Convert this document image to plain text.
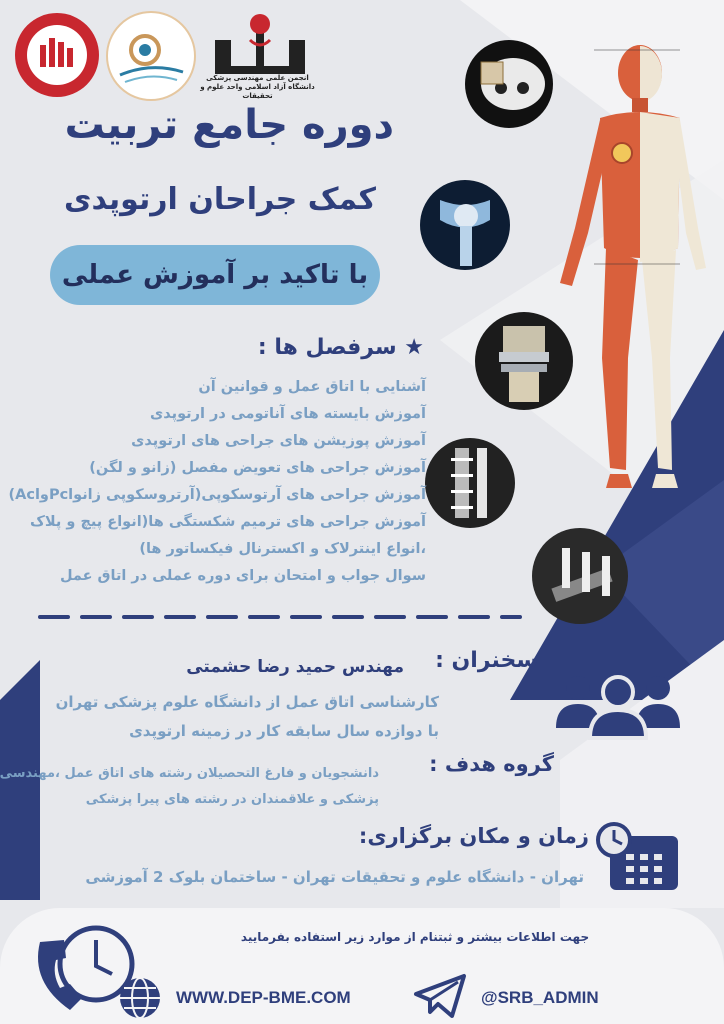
انجمن علمی مهندسی پزشکی
دانشگاه آزاد اسلامی واحد علوم و تحقیقات
دوره جامع تربیت
کمک جراحان ارتوپدی
با تاکید بر آموزش عملی
★ سرفصل ها :
آشنایی با اتاق عمل و قوانین آن
آموزش بایسته های آناتومی در ارتوپدی
آموزش پوزیشن های جراحی های ارتوپدی
آموزش جراحی های تعویض مفصل (زانو و لگن)
آموزش جراحی های آرتوسکوپی(آرتروسکوپی زانوPclوAcl)
آموزش جراحی های ترمیم شکستگی ها(انواع پیچ و پلاک
،انواع اینترلاک و اکسترنال فیکساتور ها)
سوال جواب و امتحان برای دوره عملی در اتاق عمل
سخنران :
مهندس حمید رضا حشمتی
کارشناسی اتاق عمل از دانشگاه علوم پزشکی تهران
با دوازده سال سابقه کار در زمینه ارتوپدی
گروه هدف :
دانشجویان و فارغ التحصیلان رشته های اتاق عمل ،مهندسی
پزشکی و علاقمندان در رشته های پیرا پزشکی
زمان و مکان برگزاری:
تهران - دانشگاه علوم و تحقیقات تهران - ساختمان بلوک 2 آموزشی
جهت اطلاعات بیشتر و ثبتنام از موارد زیر استفاده بفرمایید
WWW.DEP-BME.COM	@SRB_ADMIN
